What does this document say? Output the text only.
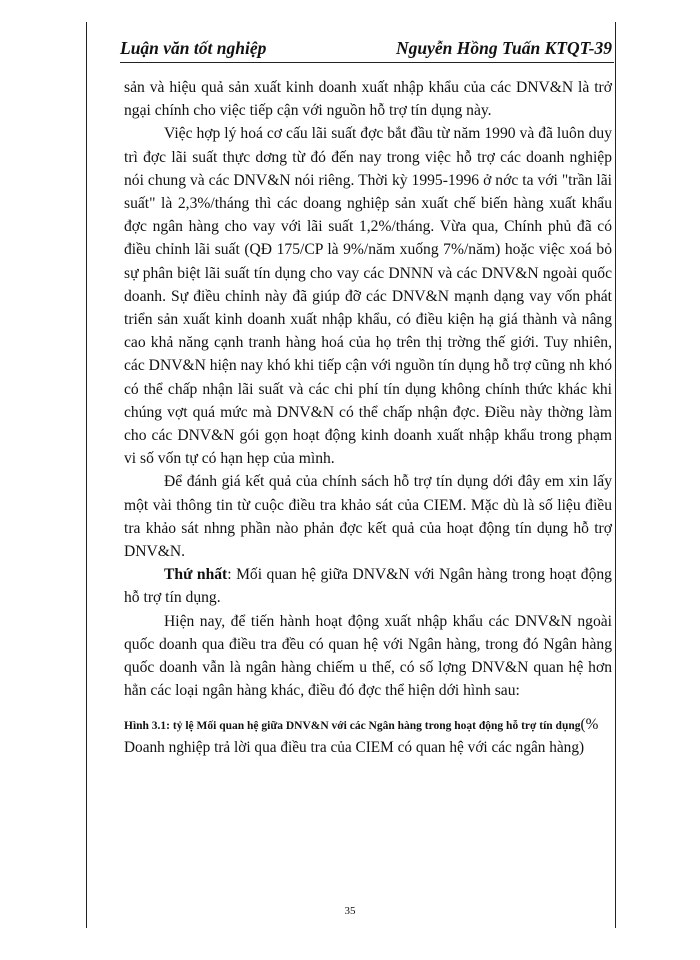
Luận văn tốt nghiệp	Nguyễn Hồng Tuấn KTQT-39

sản và hiệu quả sản xuất kinh doanh xuất nhập khẩu của các DNV&N là trở ngại chính cho việc tiếp cận với nguồn hỗ trợ tín dụng này.

Việc hợp lý hoá cơ cấu lãi suất đợc bắt đầu từ năm 1990 và đã luôn duy trì đợc lãi suất thực dơng từ đó đến nay trong việc hỗ trợ các doanh nghiệp nói chung và các DNV&N nói riêng. Thời kỳ 1995-1996 ở nớc ta với "trần lãi suất" là 2,3%/tháng thì các doang nghiệp sản xuất chế biến hàng xuất khẩu đợc ngân hàng cho vay với lãi suất 1,2%/tháng. Vừa qua, Chính phủ đã có điều chỉnh lãi suất (QĐ 175/CP là 9%/năm xuống 7%/năm) hoặc việc xoá bỏ sự phân biệt lãi suất tín dụng cho vay các DNNN và các DNV&N ngoài quốc doanh. Sự điều chỉnh này đã giúp đỡ các DNV&N mạnh dạng vay vốn phát triển sản xuất kinh doanh xuất nhập khẩu, có điều kiện hạ giá thành và nâng cao khả năng cạnh tranh hàng hoá của họ trên thị trờng thế giới. Tuy nhiên, các DNV&N hiện nay khó khi tiếp cận với nguồn tín dụng hỗ trợ cũng nh khó có thể chấp nhận lãi suất và các chi phí tín dụng không chính thức khác khi chúng vợt quá mức mà DNV&N có thể chấp nhận đợc. Điều này thờng làm cho các DNV&N gói gọn hoạt động kinh doanh xuất nhập khẩu trong phạm vi số vốn tự có hạn hẹp của mình.

Để đánh giá kết quả của chính sách hỗ trợ tín dụng dới đây em xin lấy một vài thông tin từ cuộc điều tra khảo sát của CIEM. Mặc dù là số liệu điều tra khảo sát nhng phần nào phản đợc kết quả của hoạt động tín dụng hỗ trợ DNV&N.

Thứ nhất: Mối quan hệ giữa DNV&N với Ngân hàng trong hoạt động hỗ trợ tín dụng.

Hiện nay, để tiến hành hoạt động xuất nhập khẩu các DNV&N ngoài quốc doanh qua điều tra đều có quan hệ với Ngân hàng, trong đó Ngân hàng quốc doanh vẫn là ngân hàng chiếm u thế, có số lợng DNV&N quan hệ hơn hẳn các loại ngân hàng khác, điều đó đợc thể hiện dới hình sau:

Hình 3.1: tỷ lệ Mối quan hệ giữa DNV&N với các Ngân hàng trong hoạt động hỗ trợ tín dụng(% Doanh nghiệp trả lời qua điều tra của CIEM có quan hệ với các ngân hàng)

35
